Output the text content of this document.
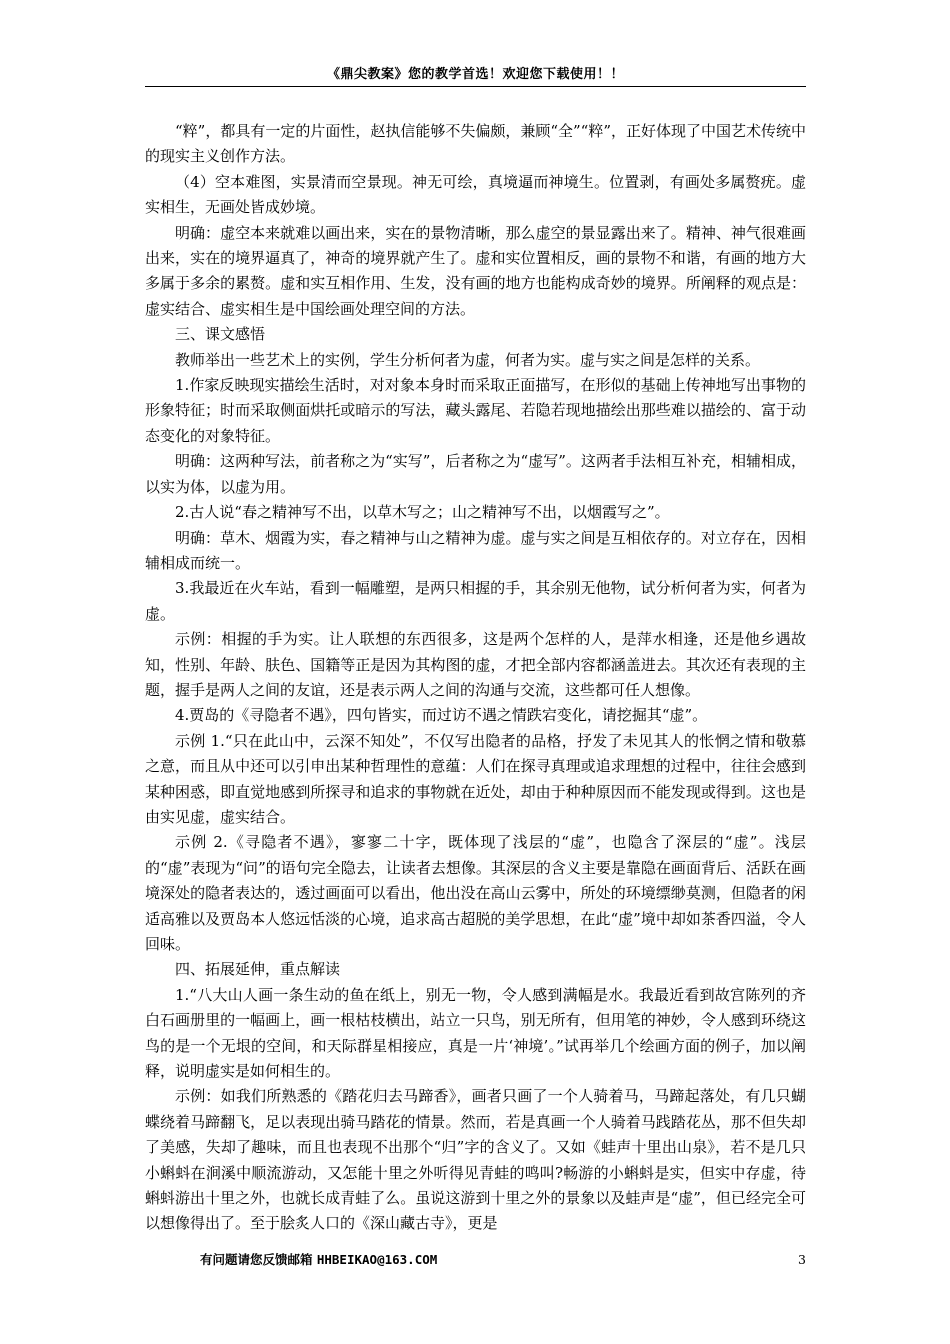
《鼎尖教案》您的教学首选！欢迎您下载使用！！

“粹”，都具有一定的片面性，赵执信能够不失偏颇，兼顾“全”“粹”，正好体现了中国艺术传统中的现实主义创作方法。

（4）空本难图，实景清而空景现。神无可绘，真境逼而神境生。位置剥，有画处多属赘疣。虚实相生，无画处皆成妙境。

明确：虚空本来就难以画出来，实在的景物清晰，那么虚空的景显露出来了。精神、神气很难画出来，实在的境界逼真了，神奇的境界就产生了。虚和实位置相反，画的景物不和谐，有画的地方大多属于多余的累赘。虚和实互相作用、生发，没有画的地方也能构成奇妙的境界。所阐释的观点是：虚实结合、虚实相生是中国绘画处理空间的方法。

三、课文感悟

教师举出一些艺术上的实例，学生分析何者为虚，何者为实。虚与实之间是怎样的关系。

1.作家反映现实描绘生活时，对对象本身时而采取正面描写，在形似的基础上传神地写出事物的形象特征；时而采取侧面烘托或暗示的写法，藏头露尾、若隐若现地描绘出那些难以描绘的、富于动态变化的对象特征。

明确：这两种写法，前者称之为“实写”，后者称之为“虚写”。这两者手法相互补充，相辅相成，以实为体，以虚为用。

2.古人说“春之精神写不出，以草木写之；山之精神写不出，以烟霞写之”。

明确：草木、烟霞为实，春之精神与山之精神为虚。虚与实之间是互相依存的。对立存在，因相辅相成而统一。

3.我最近在火车站，看到一幅雕塑，是两只相握的手，其余别无他物，试分析何者为实，何者为虚。

示例：相握的手为实。让人联想的东西很多，这是两个怎样的人，是萍水相逢，还是他乡遇故知，性别、年龄、肤色、国籍等正是因为其构图的虚，才把全部内容都涵盖进去。其次还有表现的主题，握手是两人之间的友谊，还是表示两人之间的沟通与交流，这些都可任人想像。

4.贾岛的《寻隐者不遇》，四句皆实，而过访不遇之情跌宕变化，请挖掘其“虚”。

示例 1.“只在此山中，云深不知处”，不仅写出隐者的品格，抒发了未见其人的怅惘之情和敬慕之意，而且从中还可以引申出某种哲理性的意蕴：人们在探寻真理或追求理想的过程中，往往会感到某种困惑，即直觉地感到所探寻和追求的事物就在近处，却由于种种原因而不能发现或得到。这也是由实见虚，虚实结合。

示例 2.《寻隐者不遇》，寥寥二十字，既体现了浅层的“虚”，也隐含了深层的“虚”。浅层的“虚”表现为“问”的语句完全隐去，让读者去想像。其深层的含义主要是靠隐在画面背后、活跃在画境深处的隐者表达的，透过画面可以看出，他出没在高山云雾中，所处的环境缥缈莫测，但隐者的闲适高雅以及贾岛本人悠远恬淡的心境，追求高古超脱的美学思想，在此“虚”境中却如茶香四溢，令人回味。

四、拓展延伸，重点解读

1.“八大山人画一条生动的鱼在纸上，别无一物，令人感到满幅是水。我最近看到故宫陈列的齐白石画册里的一幅画上，画一根枯枝横出，站立一只鸟，别无所有，但用笔的神妙，令人感到环绕这鸟的是一个无垠的空间，和天际群星相接应，真是一片‘神境’。”试再举几个绘画方面的例子，加以阐释，说明虚实是如何相生的。

示例：如我们所熟悉的《踏花归去马蹄香》，画者只画了一个人骑着马，马蹄起落处，有几只蝴蝶绕着马蹄翻飞，足以表现出骑马踏花的情景。然而，若是真画一个人骑着马践踏花丛，那不但失却了美感，失却了趣味，而且也表现不出那个“归”字的含义了。又如《蛙声十里出山泉》，若不是几只小蝌蚪在涧溪中顺流游动，又怎能十里之外听得见青蛙的鸣叫?畅游的小蝌蚪是实，但实中存虚，待蝌蚪游出十里之外，也就长成青蛙了么。虽说这游到十里之外的景象以及蛙声是“虚”，但已经完全可以想像得出了。至于脍炙人口的《深山藏古寺》，更是

有问题请您反馈邮箱 HHBEIKAO@163.COM	3
